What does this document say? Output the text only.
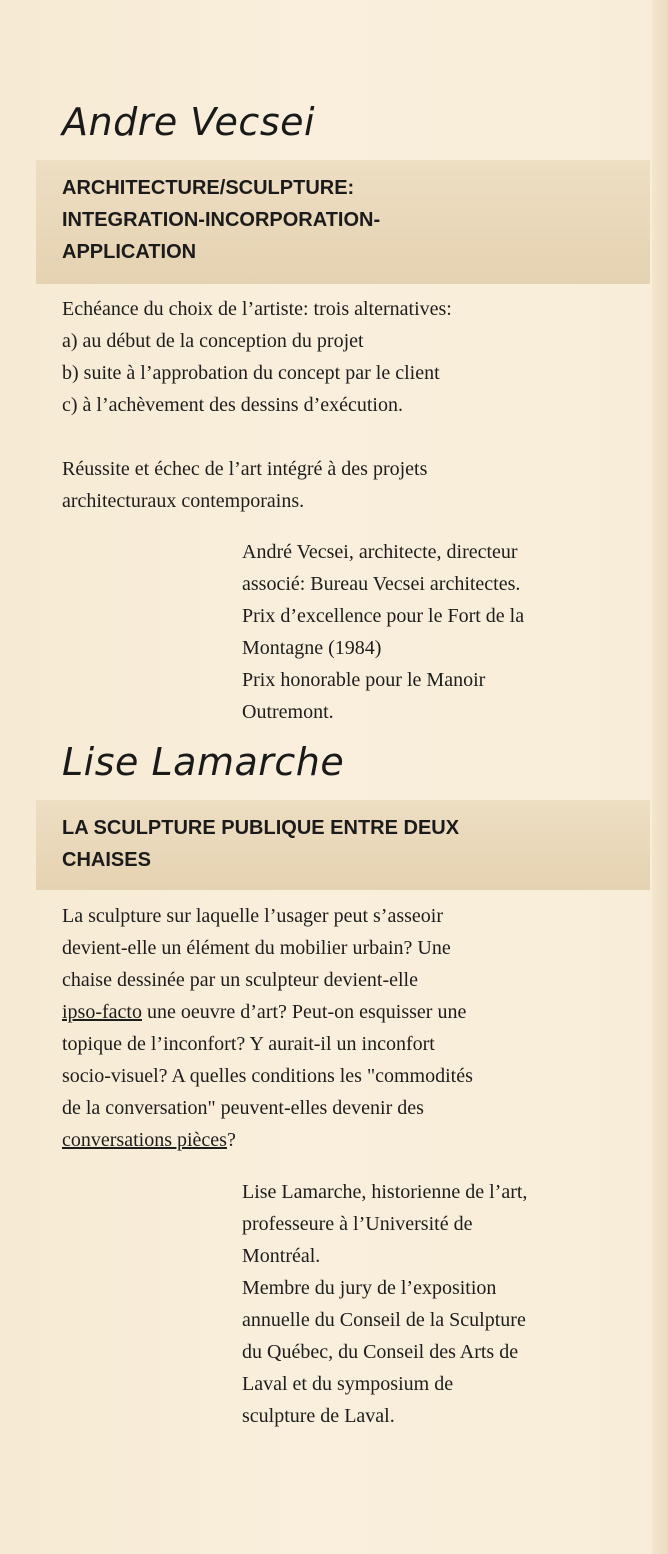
Andre Vecsei
ARCHITECTURE/SCULPTURE:
INTEGRATION-INCORPORATION-
APPLICATION

Echéance du choix de l’artiste: trois alternatives:

a) au début de la conception du projet

b) suite à l’approbation du concept par le client

c) à l’achèvement des dessins d’exécution.

Réussite et échec de l’art intégré à des projets

architecturaux contemporains.

André Vecsei, architecte, directeur

associé: Bureau Vecsei architectes.

Prix d’excellence pour le Fort de la

Montagne (1984)

Prix honorable pour le Manoir

Outremont.

Lise Lamarche
LA SCULPTURE PUBLIQUE ENTRE DEUX
CHAISES

La sculpture sur laquelle l’usager peut s’asseoir

devient-elle un élément du mobilier urbain? Une

chaise dessinée par un sculpteur devient-elle

ipso-facto une oeuvre d’art? Peut-on esquisser une

topique de l’inconfort? Y aurait-il un inconfort

socio-visuel? A quelles conditions les "commodités

de la conversation" peuvent-elles devenir des

conversations pièces?

Lise Lamarche, historienne de l’art,

professeure à l’Université de

Montréal.

Membre du jury de l’exposition

annuelle du Conseil de la Sculpture

du Québec, du Conseil des Arts de

Laval et du symposium de

sculpture de Laval.
